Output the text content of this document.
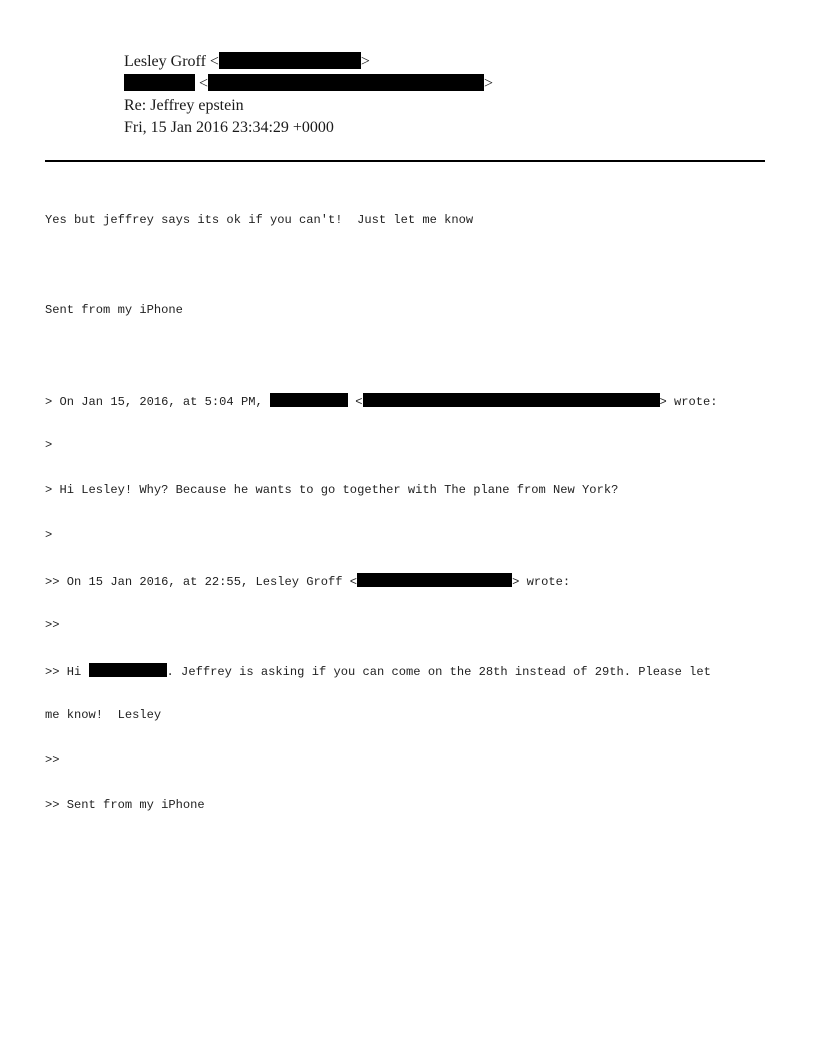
Lesley Groff <	>
<	>
Re: Jeffrey epstein
Fri, 15 Jan 2016 23:34:29 +0000

Yes but jeffrey says its ok if you can't!  Just let me know

Sent from my iPhone

> On Jan 15, 2016, at 5:04 PM,	<	> wrote:

>

> Hi Lesley! Why? Because he wants to go together with The plane from New York?

>

>> On 15 Jan 2016, at 22:55, Lesley Groff <	> wrote:

>>

>> Hi	. Jeffrey is asking if you can come on the 28th instead of 29th. Please let

me know!  Lesley

>>

>> Sent from my iPhone
